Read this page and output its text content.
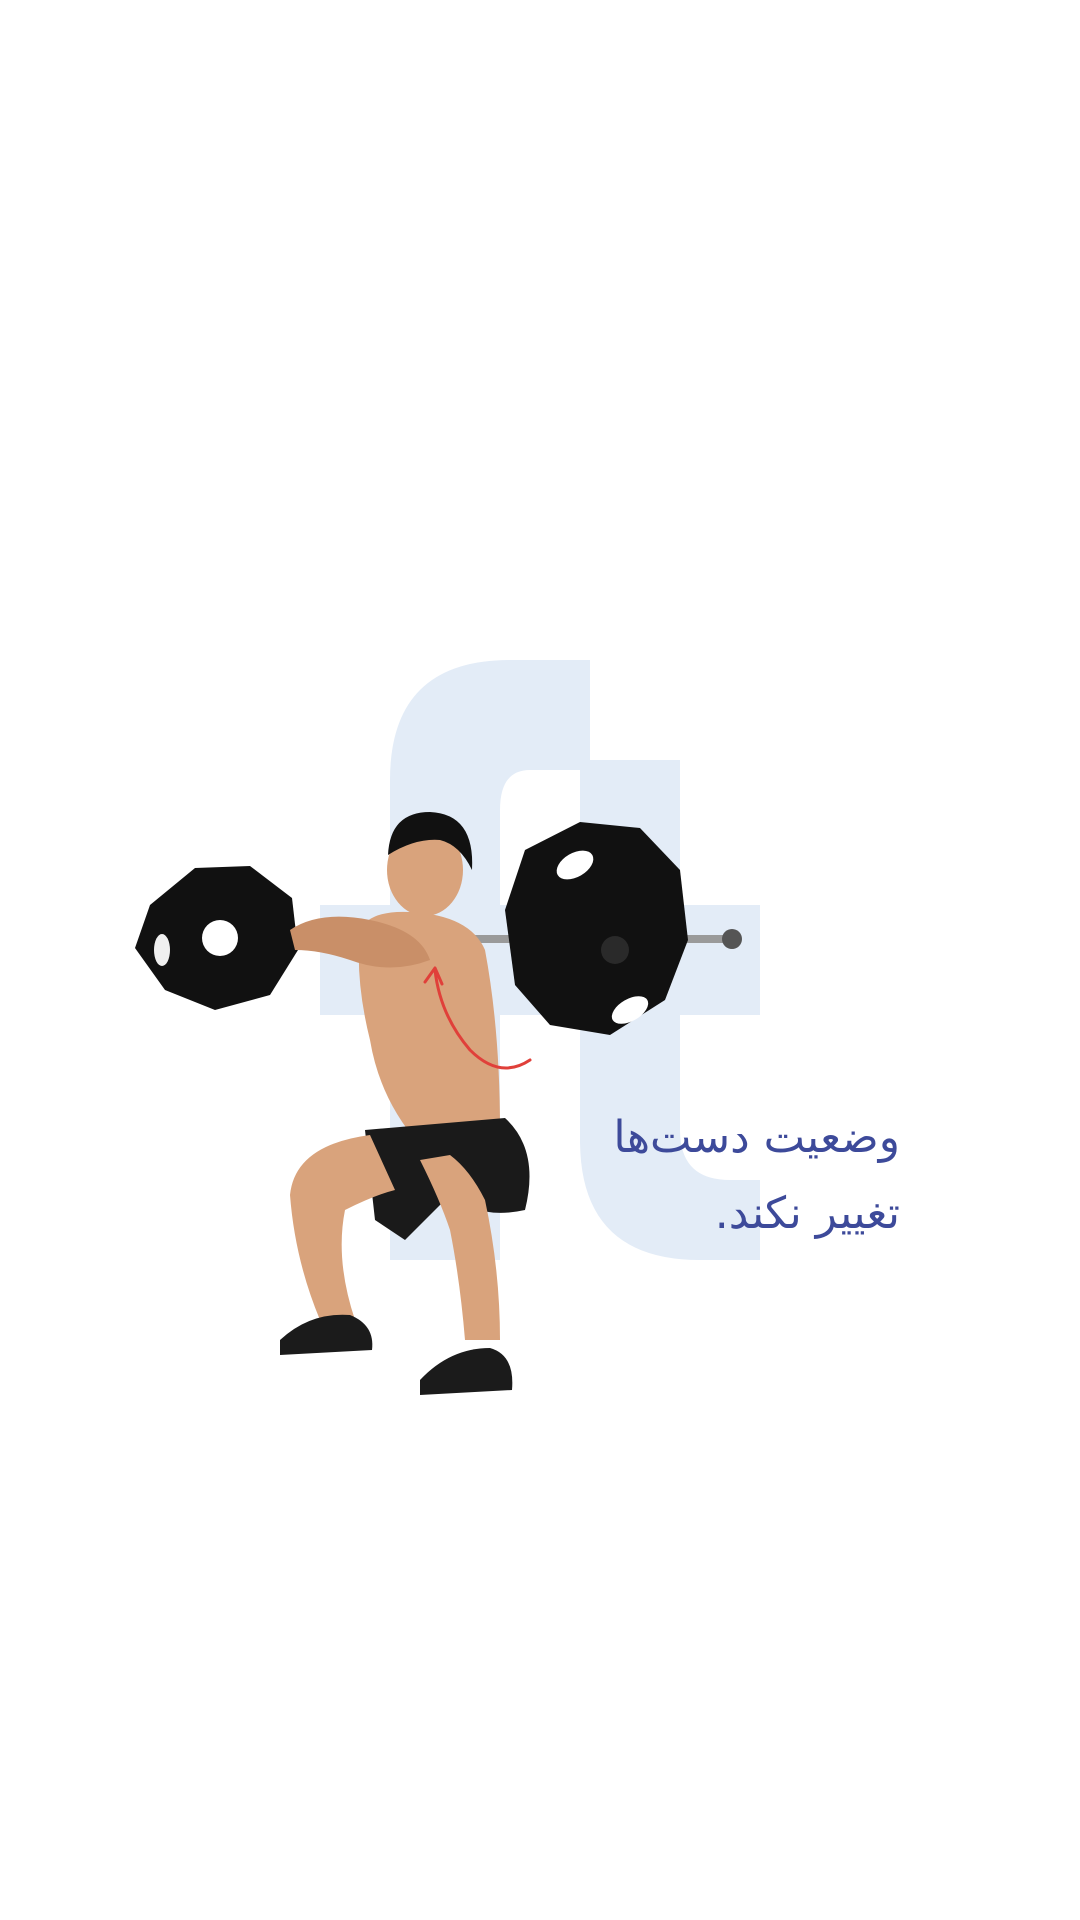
وضعیت دست‌ها
تغییر نکند.
